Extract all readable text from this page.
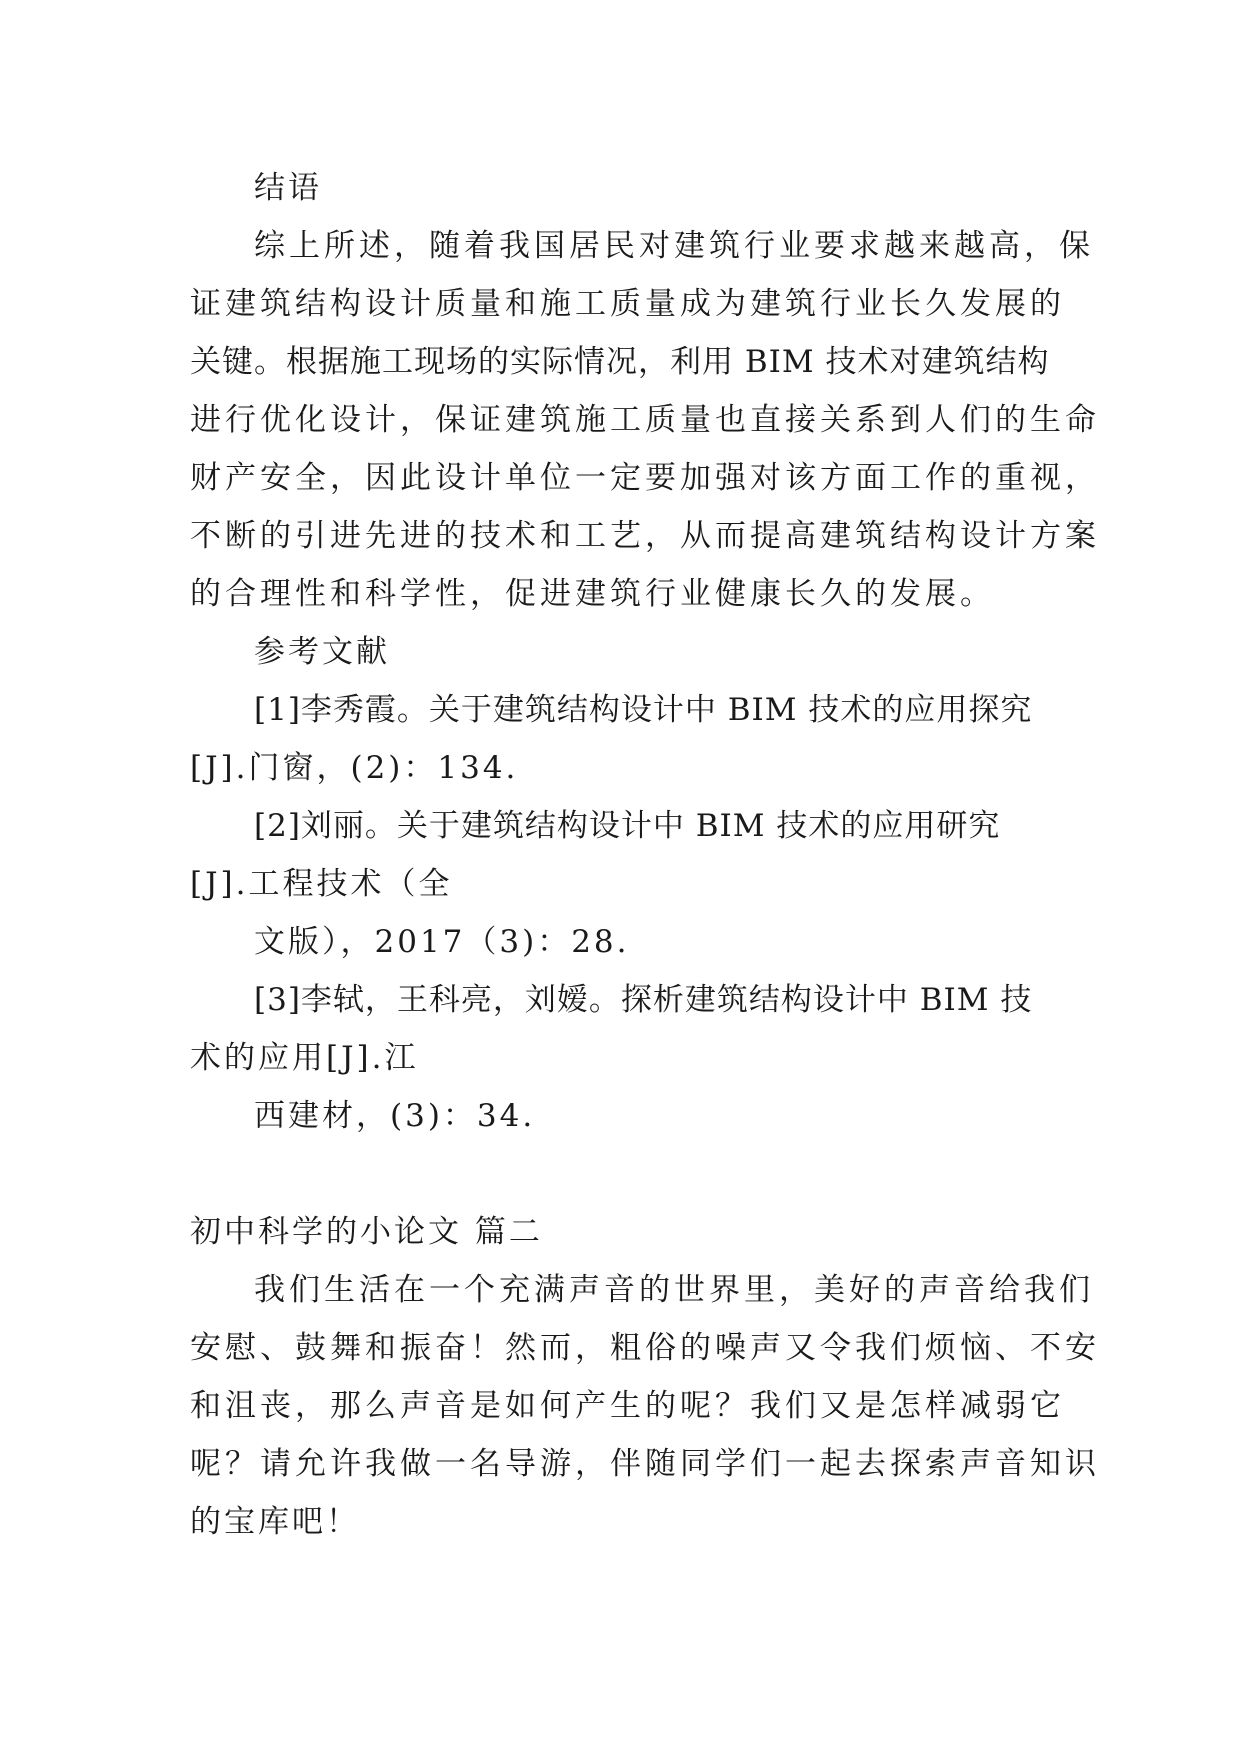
结语

综上所述，随着我国居民对建筑行业要求越来越高，保

证建筑结构设计质量和施工质量成为建筑行业长久发展的

关键。根据施工现场的实际情况，利用 BIM 技术对建筑结构

进行优化设计，保证建筑施工质量也直接关系到人们的生命

财产安全，因此设计单位一定要加强对该方面工作的重视，

不断的引进先进的技术和工艺，从而提高建筑结构设计方案

的合理性和科学性，促进建筑行业健康长久的发展。

参考文献

[1]李秀霞。关于建筑结构设计中 BIM 技术的应用探究

[J].门窗，(2)：134.

[2]刘丽。关于建筑结构设计中 BIM 技术的应用研究

[J].工程技术（全

文版），2017（3)：28.

[3]李轼，王科亮，刘嫒。探析建筑结构设计中 BIM 技

术的应用[J].江

西建材，(3)：34.

初中科学的小论文 篇二

我们生活在一个充满声音的世界里，美好的声音给我们

安慰、鼓舞和振奋！然而，粗俗的噪声又令我们烦恼、不安

和沮丧，那么声音是如何产生的呢？我们又是怎样减弱它

呢？请允许我做一名导游，伴随同学们一起去探索声音知识

的宝库吧！
